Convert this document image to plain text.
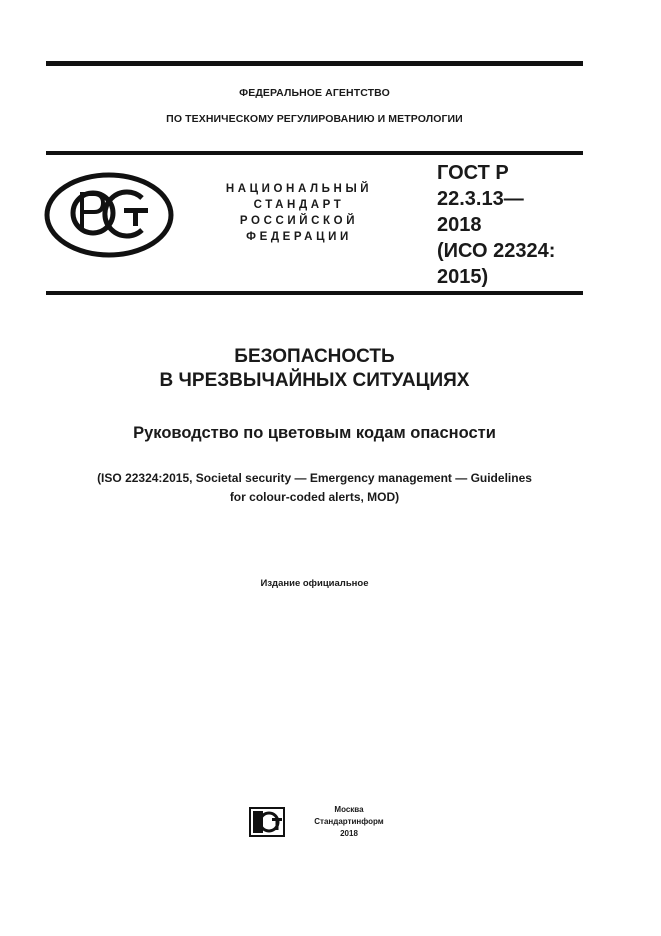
ФЕДЕРАЛЬНОЕ АГЕНТСТВО
ПО ТЕХНИЧЕСКОМУ РЕГУЛИРОВАНИЮ И МЕТРОЛОГИИ
НАЦИОНАЛЬНЫЙ
СТАНДАРТ
РОССИЙСКОЙ
ФЕДЕРАЦИИ
ГОСТ Р
22.3.13—
2018
(ИСО 22324:
2015)
БЕЗОПАСНОСТЬ
В ЧРЕЗВЫЧАЙНЫХ СИТУАЦИЯХ
Руководство по цветовым кодам опасности
(ISO 22324:2015, Societal security — Emergency management — Guidelines
for colour-coded alerts, MOD)
Издание официальное
Москва
Стандартинформ
2018
